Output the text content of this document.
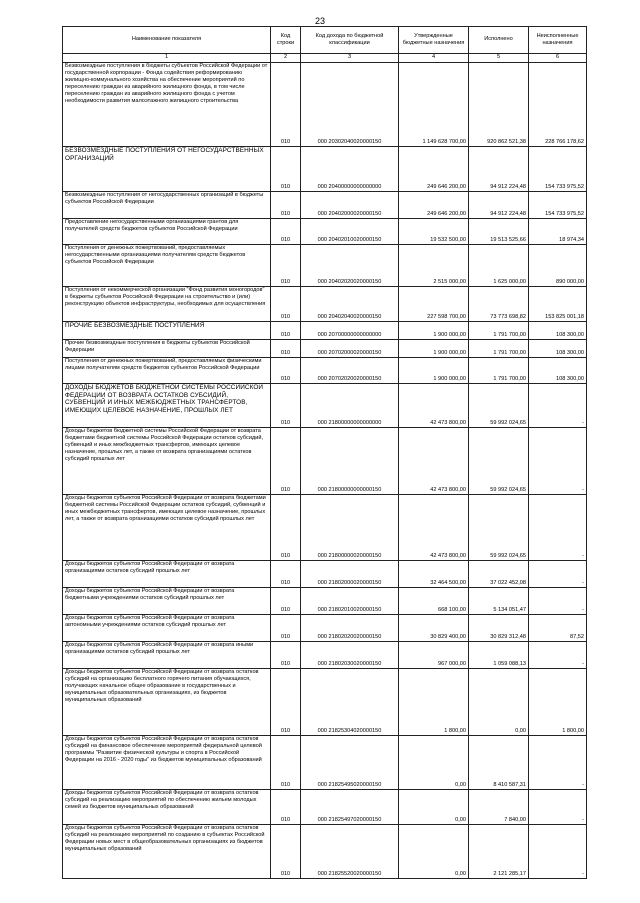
23
Наименование показателя	Код строки	Код дохода по бюджетной классификации	Утвержденные бюджетные назначения	Исполнено	Неисполненные назначения
1	2	3	4	5	6
Безвозмездные поступления в бюджеты субъектов Российской Федерации от государственной корпорации - Фонда содействия реформированию жилищно-коммунального хозяйства на обеспечение мероприятий по переселению граждан из аварийного жилищного фонда, в том числе переселению граждан из аварийного жилищного фонда с учетом необходимости развития малоэтажного жилищного строительства	010	000 20302040020000150	1 149 628 700,00	920 862 521,38	228 766 178,62
БЕЗВОЗМЕЗДНЫЕ ПОСТУПЛЕНИЯ ОТ НЕГОСУДАРСТВЕННЫХ ОРГАНИЗАЦИЙ	010	000 20400000000000000	249 646 200,00	94 912 224,48	154 733 975,52
Безвозмездные поступления от негосударственных организаций в бюджеты субъектов Российской Федерации	010	000 20402000020000150	249 646 200,00	94 912 224,48	154 733 975,52
Предоставление негосударственными организациями грантов для получателей средств бюджетов субъектов Российской Федерации	010	000 20402010020000150	19 532 500,00	19 513 525,66	18 974,34
Поступления от денежных пожертвований, предоставляемых негосударственными организациями получателям средств бюджетов субъектов Российской Федерации	010	000 20402020020000150	2 515 000,00	1 625 000,00	890 000,00
Поступления от некоммерческой организации "Фонд развития моногородов" в бюджеты субъектов Российской Федерации на строительство и (или) реконструкцию объектов инфраструктуры, необходимых для осуществления	010	000 20402040020000150	227 598 700,00	73 773 698,82	153 825 001,18
ПРОЧИЕ БЕЗВОЗМЕЗДНЫЕ ПОСТУПЛЕНИЯ	010	000 20700000000000000	1 900 000,00	1 791 700,00	108 300,00
Прочие безвозмездные поступления в бюджеты субъектов Российской Федерации	010	000 20702000020000150	1 900 000,00	1 791 700,00	108 300,00
Поступления от денежных пожертвований, предоставляемых физическими лицами получателям средств бюджетов субъектов Российской Федерации	010	000 20702020020000150	1 900 000,00	1 791 700,00	108 300,00
ДОХОДЫ БЮДЖЕТОВ БЮДЖЕТНОЙ СИСТЕМЫ РОССИЙСКОЙ ФЕДЕРАЦИИ ОТ ВОЗВРАТА ОСТАТКОВ СУБСИДИЙ, СУБВЕНЦИЙ И ИНЫХ МЕЖБЮДЖЕТНЫХ ТРАНСФЕРТОВ, ИМЕЮЩИХ ЦЕЛЕВОЕ НАЗНАЧЕНИЕ, ПРОШЛЫХ ЛЕТ	010	000 21800000000000000	42 473 800,00	59 992 024,65	-
Доходы бюджетов бюджетной системы Российской Федерации от возврата бюджетами бюджетной системы Российской Федерации остатков субсидий, субвенций и иных межбюджетных трансфертов, имеющих целевое назначение, прошлых лет, а также от возврата организациями остатков субсидий прошлых лет	010	000 21800000000000150	42 473 800,00	59 992 024,65	-
Доходы бюджетов субъектов Российской Федерации от возврата бюджетами бюджетной системы Российской Федерации остатков субсидий, субвенций и иных межбюджетных трансфертов, имеющих целевое назначение, прошлых лет, а также от возврата организациями остатков субсидий прошлых лет	010	000 21800000020000150	42 473 800,00	59 992 024,65	-
Доходы бюджетов субъектов Российской Федерации от возврата организациями остатков субсидий прошлых лет	010	000 21802000020000150	32 464 500,00	37 022 452,08	-
Доходы бюджетов субъектов Российской Федерации от возврата бюджетными учреждениями остатков субсидий прошлых лет	010	000 21802010020000150	668 100,00	5 134 051,47	-
Доходы бюджетов субъектов Российской Федерации от возврата автономными учреждениями остатков субсидий прошлых лет	010	000 21802020020000150	30 829 400,00	30 829 312,48	87,52
Доходы бюджетов субъектов Российской Федерации от возврата иными организациями остатков субсидий прошлых лет	010	000 21802030020000150	967 000,00	1 059 088,13	-
Доходы бюджетов субъектов Российской Федерации от возврата остатков субсидий на организацию бесплатного горячего питания обучающихся, получающих начальное общее образование в государственных и муниципальных образовательных организациях, из бюджетов муниципальных образований	010	000 21825304020000150	1 800,00	0,00	1 800,00
Доходы бюджетов субъектов Российской Федерации от возврата остатков субсидий на финансовое обеспечение мероприятий федеральной целевой программы "Развитие физической культуры и спорта в Российской Федерации на 2016 - 2020 годы" из бюджетов муниципальных образований	010	000 21825495020000150	0,00	8 410 587,31	-
Доходы бюджетов субъектов Российской Федерации от возврата остатков субсидий на реализацию мероприятий по обеспечению жильем молодых семей из бюджетов муниципальных образований	010	000 21825497020000150	0,00	7 840,00	-
Доходы бюджетов субъектов Российской Федерации от возврата остатков субсидий на реализацию мероприятий по созданию в субъектах Российской Федерации новых мест в общеобразовательных организациях из бюджетов муниципальных образований	010	000 21825520020000150	0,00	2 121 285,17	-
